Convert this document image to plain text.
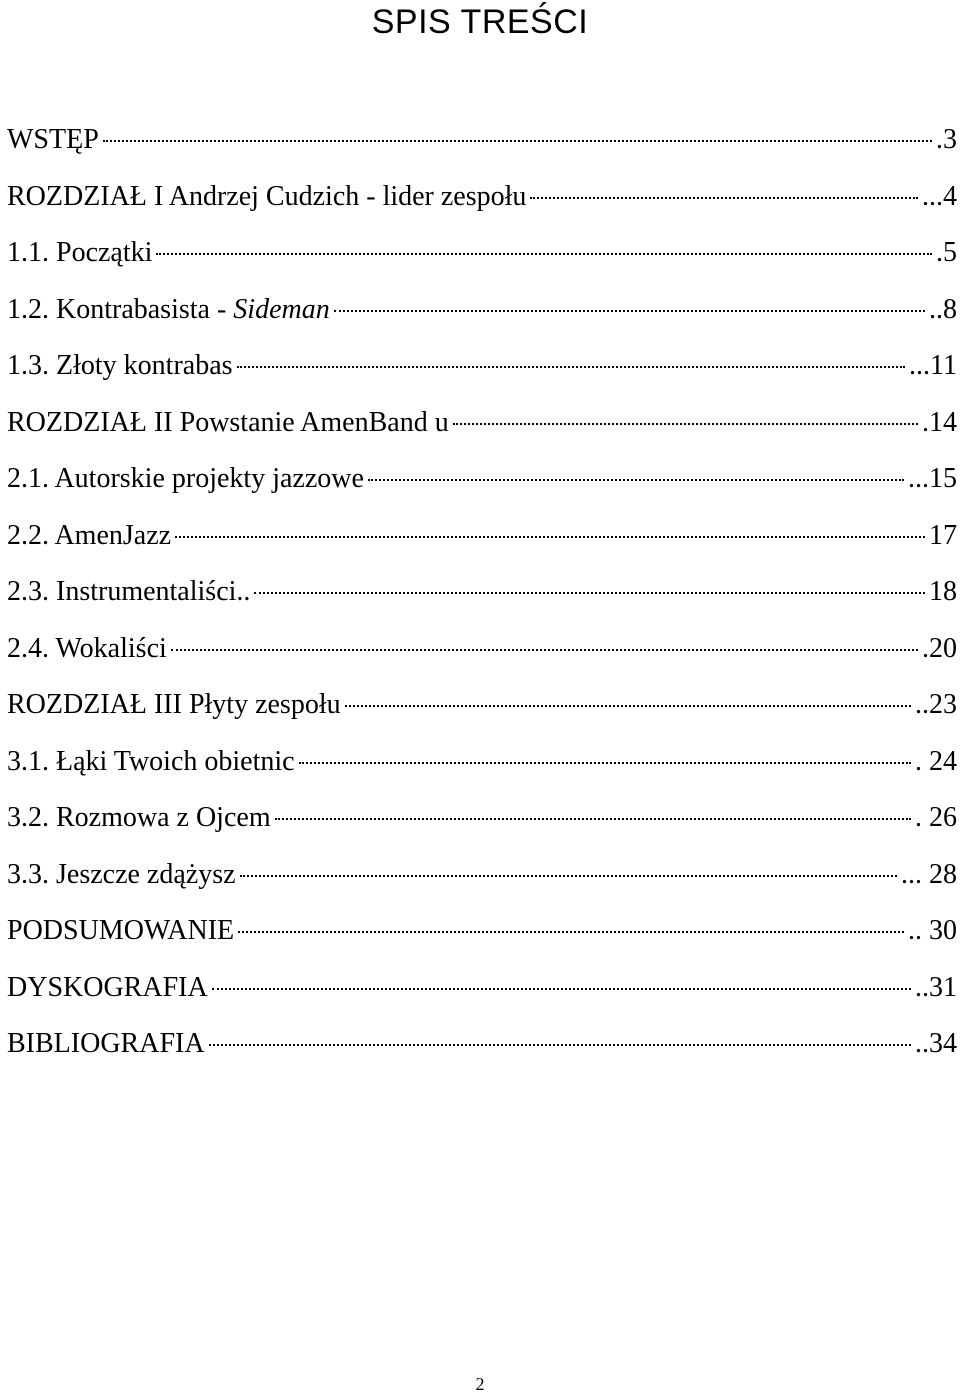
SPIS TREŚCI
WSTĘP	.3
ROZDZIAŁ I Andrzej Cudzich - lider zespołu	...4
1.1. Początki	.5
1.2. Kontrabasista - Sideman	..8
1.3. Złoty kontrabas	...11
ROZDZIAŁ II Powstanie AmenBand u	.14
2.1. Autorskie projekty jazzowe	...15
2.2. AmenJazz	17
2.3. Instrumentaliści..	18
2.4. Wokaliści	.20
ROZDZIAŁ III Płyty zespołu	..23
3.1. Łąki Twoich obietnic	. 24
3.2. Rozmowa z Ojcem	. 26
3.3. Jeszcze zdążysz	... 28
PODSUMOWANIE	.. 30
DYSKOGRAFIA	..31
BIBLIOGRAFIA	..34
2
